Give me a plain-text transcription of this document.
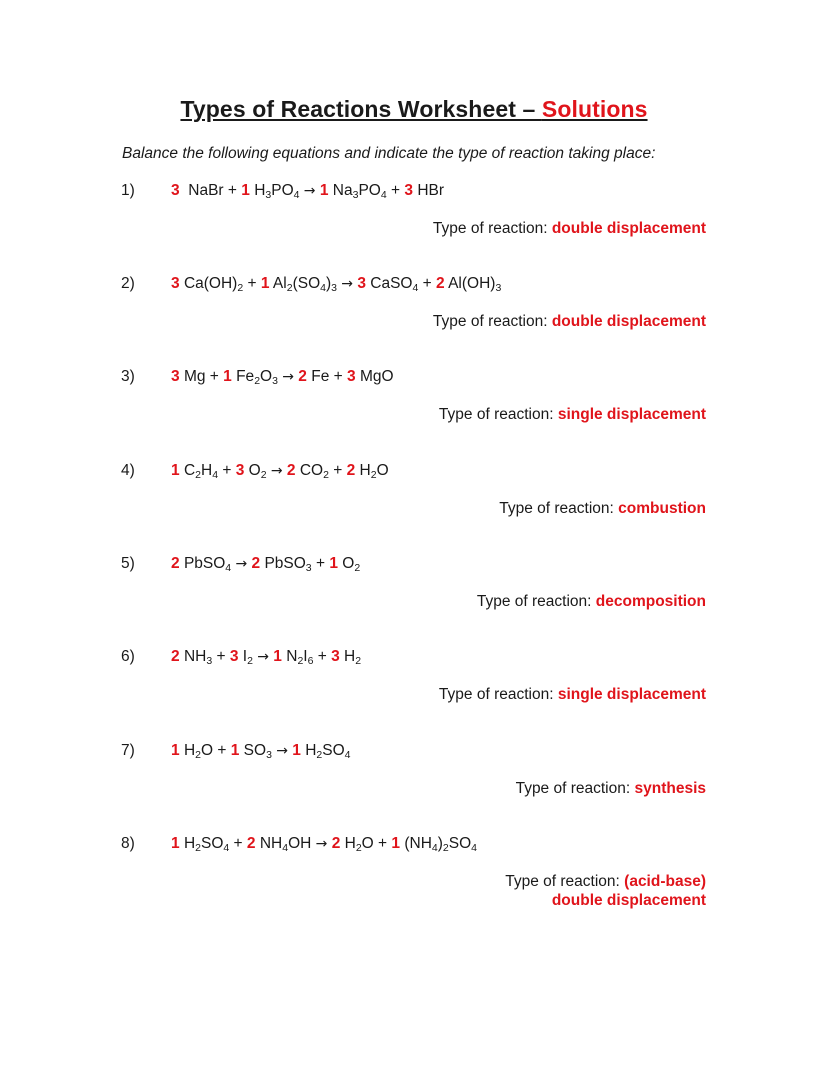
Types of Reactions Worksheet – Solutions
Balance the following equations and indicate the type of reaction taking place:
1) 3 NaBr + 1 $H_3PO_4 \to 1$ $Na_3PO_4 + 3$ HBr
Type of reaction: double displacement
2) 3 $Ca(OH)_2 + 1$ $Al_2(SO_4)_3 \to 3$ CaSO$_4$ + 2 $Al(OH)_3$
Type of reaction: double displacement
3) 3 Mg + 1 $Fe_2O_3 \to 2$ Fe + 3 MgO
Type of reaction: single displacement
4) 1 $C_2H_4 + 3$ $O_2 \to 2$ $CO_2 + 2$ $H_2O$
Type of reaction: combustion
5) 2 PbSO$_4$ → 2 PbSO$_3$ + 1 $O_2$
Type of reaction: decomposition
6) 2 $NH_3 + 3$ $I_2 \to 1$ $N_2I_6 + 3$ $H_2$
Type of reaction: single displacement
7) 1 $H_2O + 1$ $SO_3 \to 1$ $H_2SO_4$
Type of reaction: synthesis
8) 1 $H_2SO_4 + 2$ $NH_4OH \to 2$ $H_2O + 1$ $(NH_4)_2SO_4$
Type of reaction: (acid-base)
double displacement
